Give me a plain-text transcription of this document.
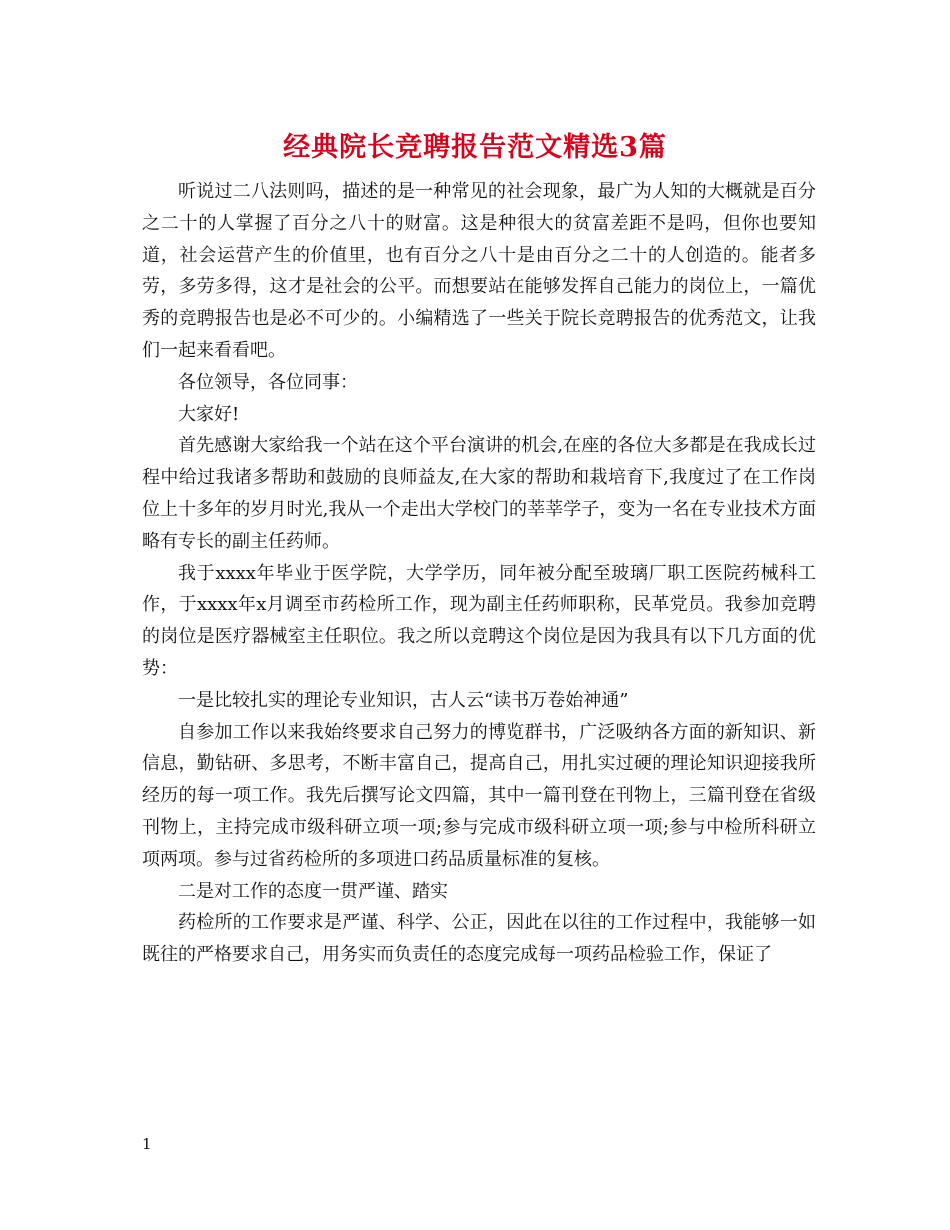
经典院长竞聘报告范文精选3篇

听说过二八法则吗，描述的是一种常见的社会现象，最广为人知的大概就是百分之二十的人掌握了百分之八十的财富。这是种很大的贫富差距不是吗，但你也要知道，社会运营产生的价值里，也有百分之八十是由百分之二十的人创造的。能者多劳，多劳多得，这才是社会的公平。而想要站在能够发挥自己能力的岗位上，一篇优秀的竞聘报告也是必不可少的。小编精选了一些关于院长竞聘报告的优秀范文，让我们一起来看看吧。

各位领导，各位同事：

大家好!

首先感谢大家给我一个站在这个平台演讲的机会,在座的各位大多都是在我成长过程中给过我诸多帮助和鼓励的良师益友,在大家的帮助和栽培育下,我度过了在工作岗位上十多年的岁月时光,我从一个走出大学校门的莘莘学子，变为一名在专业技术方面略有专长的副主任药师。

我于xxxx年毕业于医学院，大学学历，同年被分配至玻璃厂职工医院药械科工作，于xxxx年x月调至市药检所工作，现为副主任药师职称，民革党员。我参加竞聘的岗位是医疗器械室主任职位。我之所以竞聘这个岗位是因为我具有以下几方面的优势：

一是比较扎实的理论专业知识，古人云“读书万卷始神通”

自参加工作以来我始终要求自己努力的博览群书，广泛吸纳各方面的新知识、新信息，勤钻研、多思考，不断丰富自己，提高自己，用扎实过硬的理论知识迎接我所经历的每一项工作。我先后撰写论文四篇，其中一篇刊登在刊物上，三篇刊登在省级刊物上，主持完成市级科研立项一项;参与完成市级科研立项一项;参与中检所科研立项两项。参与过省药检所的多项进口药品质量标准的复核。

二是对工作的态度一贯严谨、踏实

药检所的工作要求是严谨、科学、公正，因此在以往的工作过程中，我能够一如既往的严格要求自己，用务实而负责任的态度完成每一项药品检验工作，保证了

1
